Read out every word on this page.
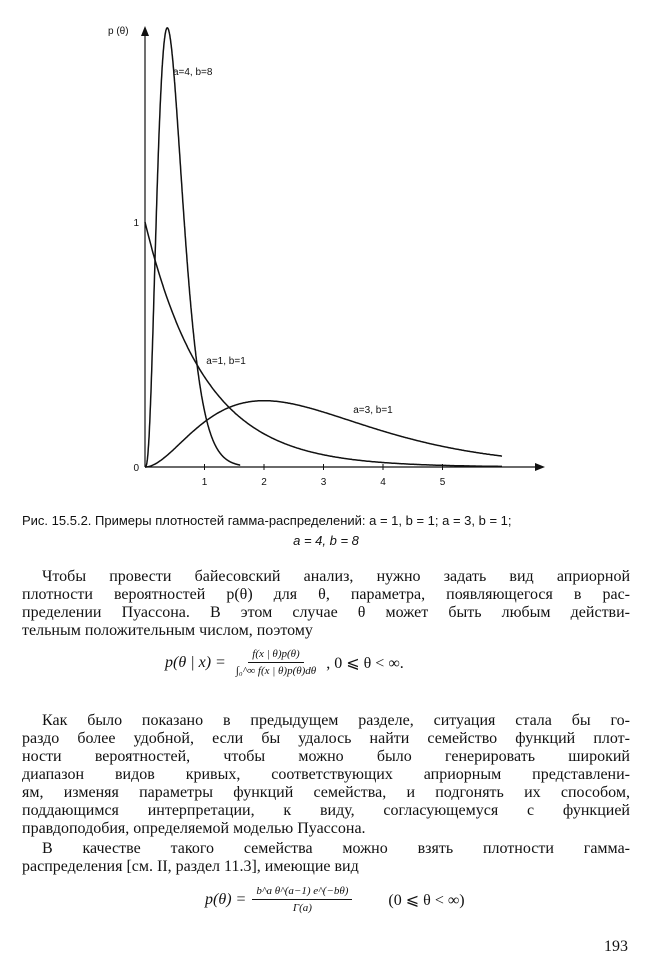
p (θ)
1	2	3	4	5
1
0
a=4, b=8
a=1, b=1
a=3, b=1
Рис. 15.5.2. Примеры плотностей гамма-распределений: a = 1, b = 1; a = 3, b = 1;
a = 4, b = 8
Чтобы провести байесовский анализ, нужно задать вид априорной
плотности вероятностей p(θ) для θ, параметра, появляющегося в рас-
пределении Пуассона. В этом случае θ может быть любым действи-
тельным положительным числом, поэтому
p(θ | $x) = \frac{f(x | \theta)p(\theta)}{\text{∫₀\textasciicircum{}∞ f(x | θ)p(θ)dθ}}$ , 0 ⩽ θ < ∞.
Как было показано в предыдущем разделе, ситуация стала бы го-
раздо более удобной, если бы удалось найти семейство функций плот-
ности вероятностей, чтобы можно было генерировать широкий
диапазон видов кривых, соответствующих априорным представлени-
ям, изменяя параметры функций семейства, и подгонять их способом,
поддающимся интерпретации, к виду, согласующемуся с функцией
правдоподобия, определяемой моделью Пуассона.
В качестве такого семейства можно взять плотности гамма-
распределения [см. II, раздел 11.3], имеющие вид
$p(\theta) = \frac{\text{b\textasciicircum{}a θ\textasciicircum{}(a−1) e\textasciicircum{}(−bθ)}}{\Gamma(a)} (0$ ⩽ θ < ∞)
193
